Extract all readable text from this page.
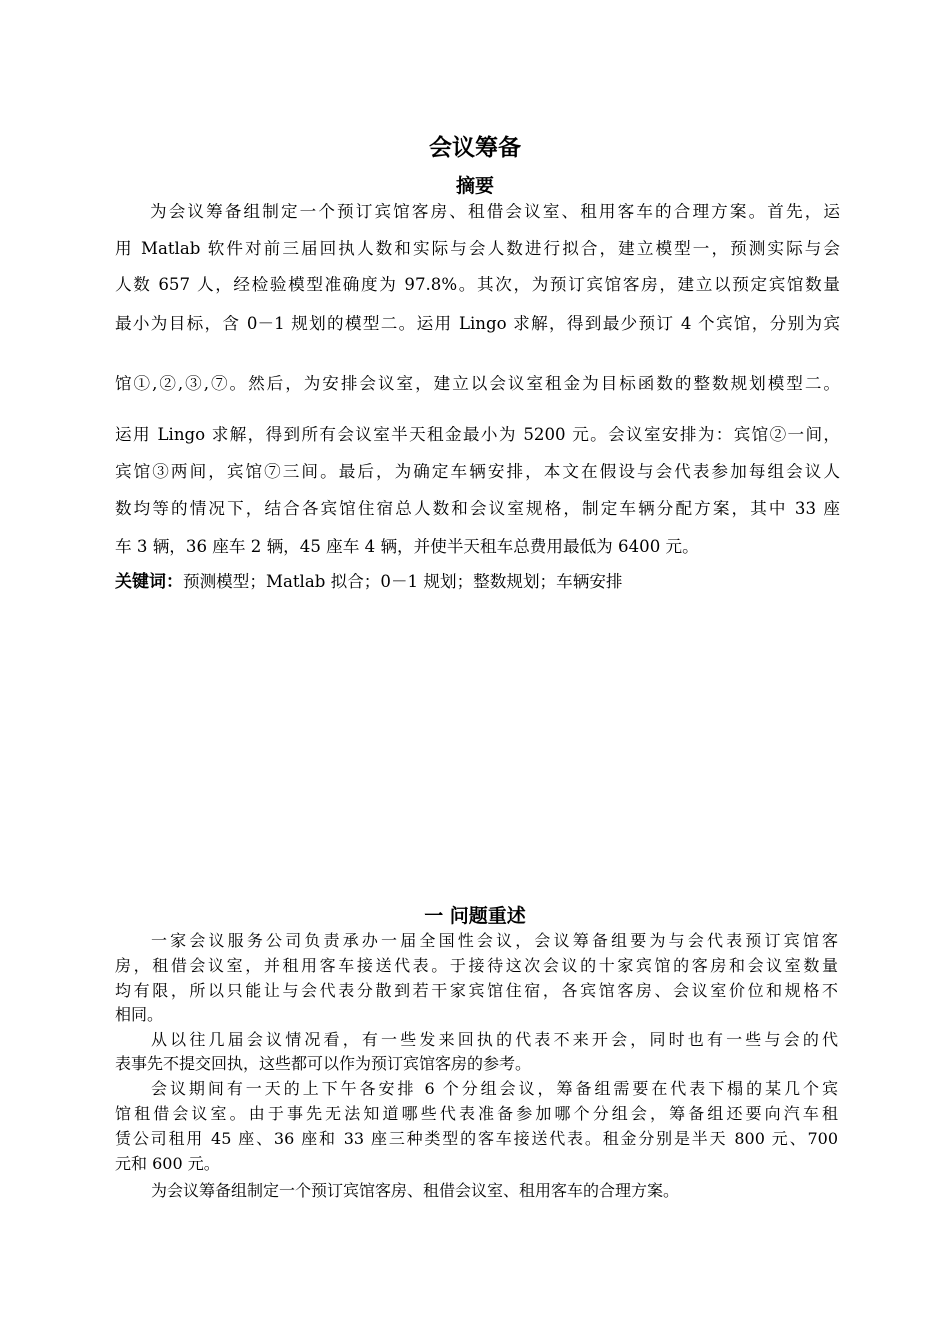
会议筹备
摘要
为会议筹备组制定一个预订宾馆客房、租借会议室、租用客车的合理方案。首先，运
用 Matlab 软件对前三届回执人数和实际与会人数进行拟合，建立模型一，预测实际与会
人数 657 人，经检验模型准确度为 97.8%。其次，为预订宾馆客房，建立以预定宾馆数量
最小为目标，含 0－1 规划的模型二。运用 Lingo 求解，得到最少预订 4 个宾馆，分别为宾
馆①,②,③,⑦。然后，为安排会议室，建立以会议室租金为目标函数的整数规划模型二。
运用 Lingo 求解，得到所有会议室半天租金最小为 5200 元。会议室安排为：宾馆②一间，
宾馆③两间，宾馆⑦三间。最后，为确定车辆安排，本文在假设与会代表参加每组会议人
数均等的情况下，结合各宾馆住宿总人数和会议室规格，制定车辆分配方案，其中 33 座
车 3 辆，36 座车 2 辆，45 座车 4 辆，并使半天租车总费用最低为 6400 元。
关键词：预测模型；Matlab 拟合；0－1 规划；整数规划；车辆安排
一 问题重述
一家会议服务公司负责承办一届全国性会议，会议筹备组要为与会代表预订宾馆客
房，租借会议室，并租用客车接送代表。于接待这次会议的十家宾馆的客房和会议室数量
均有限，所以只能让与会代表分散到若干家宾馆住宿，各宾馆客房、会议室价位和规格不
相同。
从以往几届会议情况看，有一些发来回执的代表不来开会，同时也有一些与会的代
表事先不提交回执，这些都可以作为预订宾馆客房的参考。
会议期间有一天的上下午各安排 6 个分组会议，筹备组需要在代表下榻的某几个宾
馆租借会议室。由于事先无法知道哪些代表准备参加哪个分组会，筹备组还要向汽车租
赁公司租用 45 座、36 座和 33 座三种类型的客车接送代表。租金分别是半天 800 元、700
元和 600 元。
为会议筹备组制定一个预订宾馆客房、租借会议室、租用客车的合理方案。
